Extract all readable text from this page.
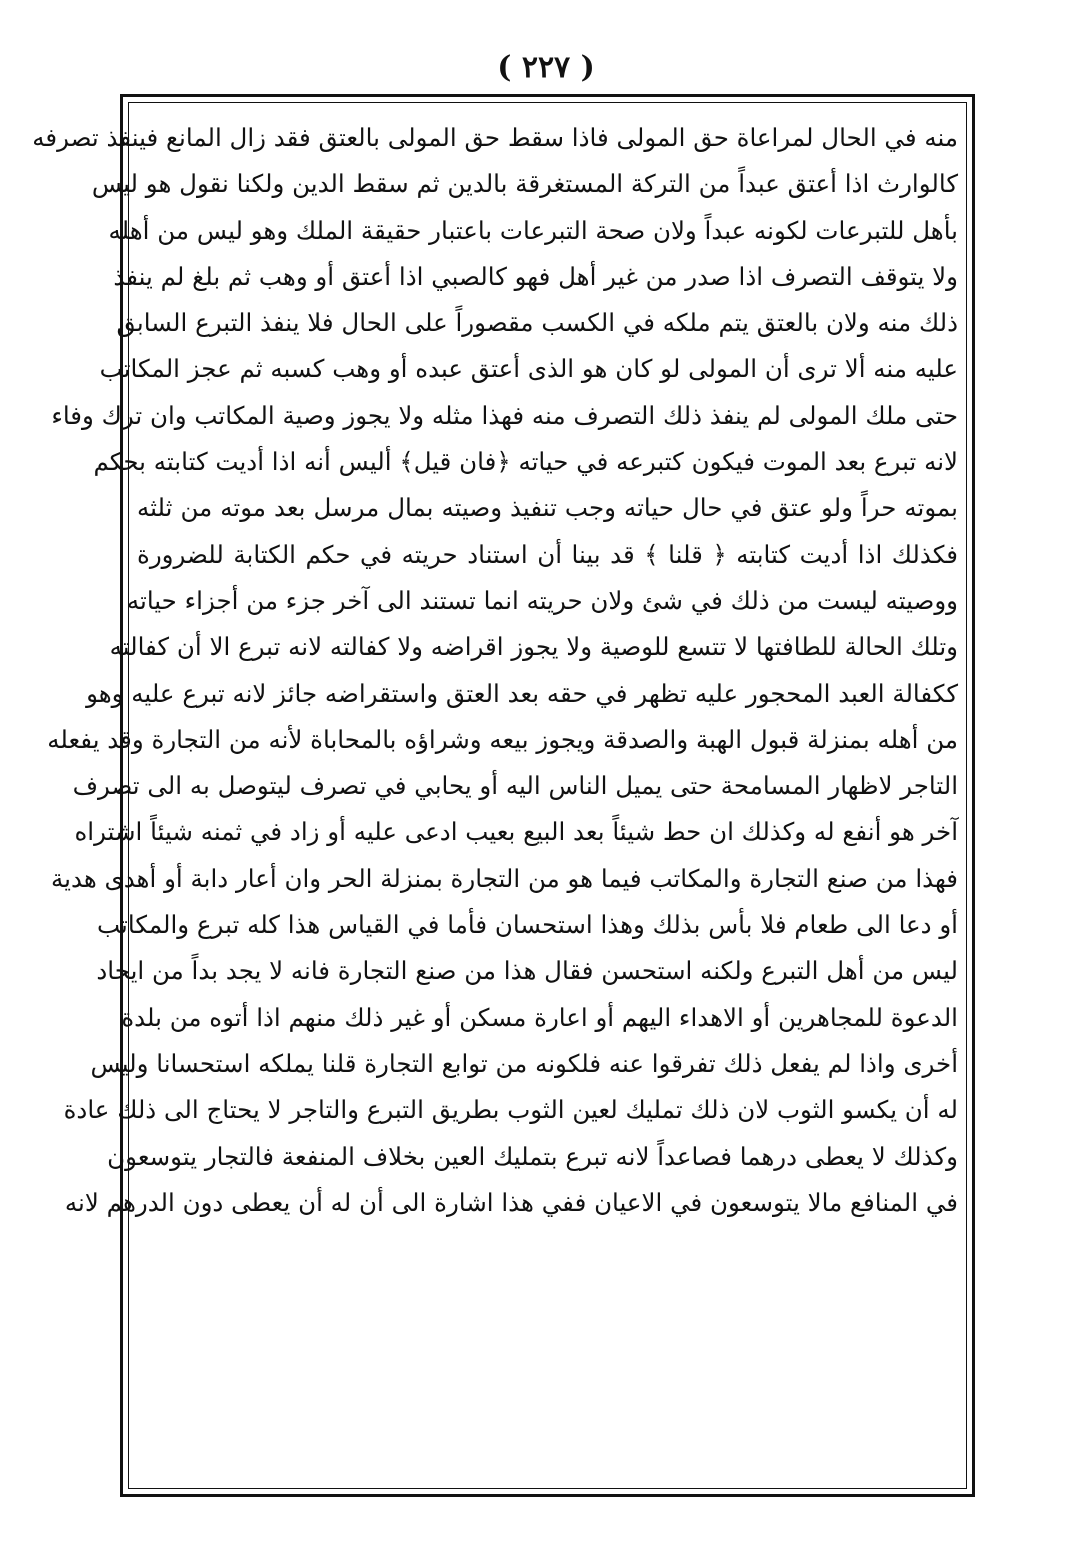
( ٢٢٧ )
منه في الحال لمراعاة حق المولى فاذا سقط حق المولى بالعتق فقد زال المانع فينفذ تصرفه
كالوارث اذا أعتق عبداً من التركة المستغرقة بالدين ثم سقط الدين ولكنا نقول هو ليس
بأهل للتبرعات لكونه عبداً ولان صحة التبرعات باعتبار حقيقة الملك وهو ليس من أهله
ولا يتوقف التصرف اذا صدر من غير أهل فهو كالصبي اذا أعتق أو وهب ثم بلغ لم ينفذ
ذلك منه ولان بالعتق يتم ملكه في الكسب مقصوراً على الحال فلا ينفذ التبرع السابق
عليه منه ألا ترى أن المولى لو كان هو الذى أعتق عبده أو وهب كسبه ثم عجز المكاتب
حتى ملك المولى لم ينفذ ذلك التصرف منه فهذا مثله ولا يجوز وصية المكاتب وان ترك وفاء
لانه تبرع بعد الموت فيكون كتبرعه في حياته ﴿فان قيل﴾ أليس أنه اذا أديت كتابته بحكم
بموته حراً ولو عتق في حال حياته وجب تنفيذ وصيته بمال مرسل بعد موته من ثلثه
فكذلك اذا أديت كتابته ﴿ قلنا ﴾ قد بينا أن استناد حريته في حكم الكتابة للضرورة
ووصيته ليست من ذلك في شئ ولان حريته انما تستند الى آخر جزء من أجزاء حياته
وتلك الحالة للطافتها لا تتسع للوصية ولا يجوز اقراضه ولا كفالته لانه تبرع الا أن كفالته
ككفالة العبد المحجور عليه تظهر في حقه بعد العتق واستقراضه جائز لانه تبرع عليه وهو
من أهله بمنزلة قبول الهبة والصدقة ويجوز بيعه وشراؤه بالمحاباة لأنه من التجارة وقد يفعله
التاجر لاظهار المسامحة حتى يميل الناس اليه أو يحابي في تصرف ليتوصل به الى تصرف
آخر هو أنفع له وكذلك ان حط شيئاً بعد البيع بعيب ادعى عليه أو زاد في ثمنه شيئاً اشتراه
فهذا من صنع التجارة والمكاتب فيما هو من التجارة بمنزلة الحر وان أعار دابة أو أهدى هدية
أو دعا الى طعام فلا بأس بذلك وهذا استحسان فأما في القياس هذا كله تبرع والمكاتب
ليس من أهل التبرع ولكنه استحسن فقال هذا من صنع التجارة فانه لا يجد بداً من ايجاد
الدعوة للمجاهرين أو الاهداء اليهم أو اعارة مسكن أو غير ذلك منهم اذا أتوه من بلدة
أخرى واذا لم يفعل ذلك تفرقوا عنه فلكونه من توابع التجارة قلنا يملكه استحسانا وليس
له أن يكسو الثوب لان ذلك تمليك لعين الثوب بطريق التبرع والتاجر لا يحتاج الى ذلك عادة
وكذلك لا يعطى درهما فصاعداً لانه تبرع بتمليك العين بخلاف المنفعة فالتجار يتوسعون
في المنافع مالا يتوسعون في الاعيان ففي هذا اشارة الى أن له أن يعطى دون الدرهم لانه
